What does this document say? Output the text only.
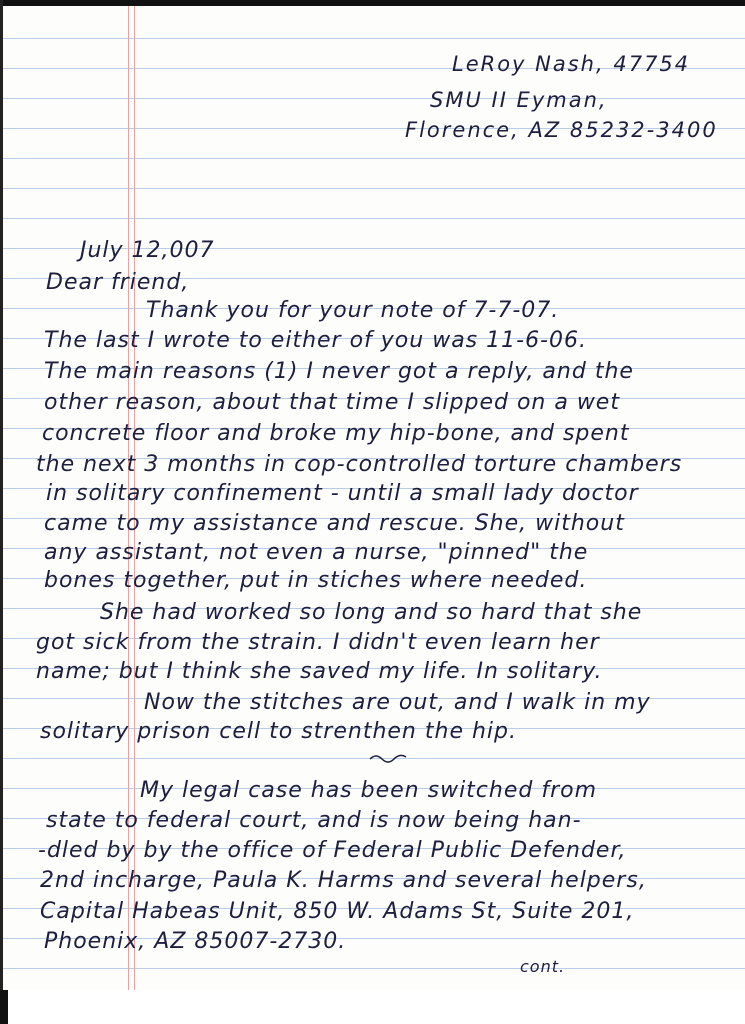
LeRoy Nash, 47754
SMU II Eyman,
Florence, AZ 85232-3400
July 12,007
Dear friend,
Thank you for your note of 7-7-07.
The last I wrote to either of you was 11-6-06.
The main reasons (1) I never got a reply, and the
other reason, about that time I slipped on a wet
concrete floor and broke my hip-bone, and spent
the next 3 months in cop-controlled torture chambers
in solitary confinement - until a small lady doctor
came to my assistance and rescue. She, without
any assistant, not even a nurse, "pinned" the
bones together, put in stiches where needed.
She had worked so long and so hard that she
got sick from the strain. I didn't even learn her
name; but I think she saved my life. In solitary.
Now the stitches are out, and I walk in my
solitary prison cell to strenthen the hip.
My legal case has been switched from
state to federal court, and is now being han-
-dled by by the office of Federal Public Defender,
2nd incharge, Paula K. Harms and several helpers,
Capital Habeas Unit, 850 W. Adams St, Suite 201,
Phoenix, AZ 85007-2730.
cont.
